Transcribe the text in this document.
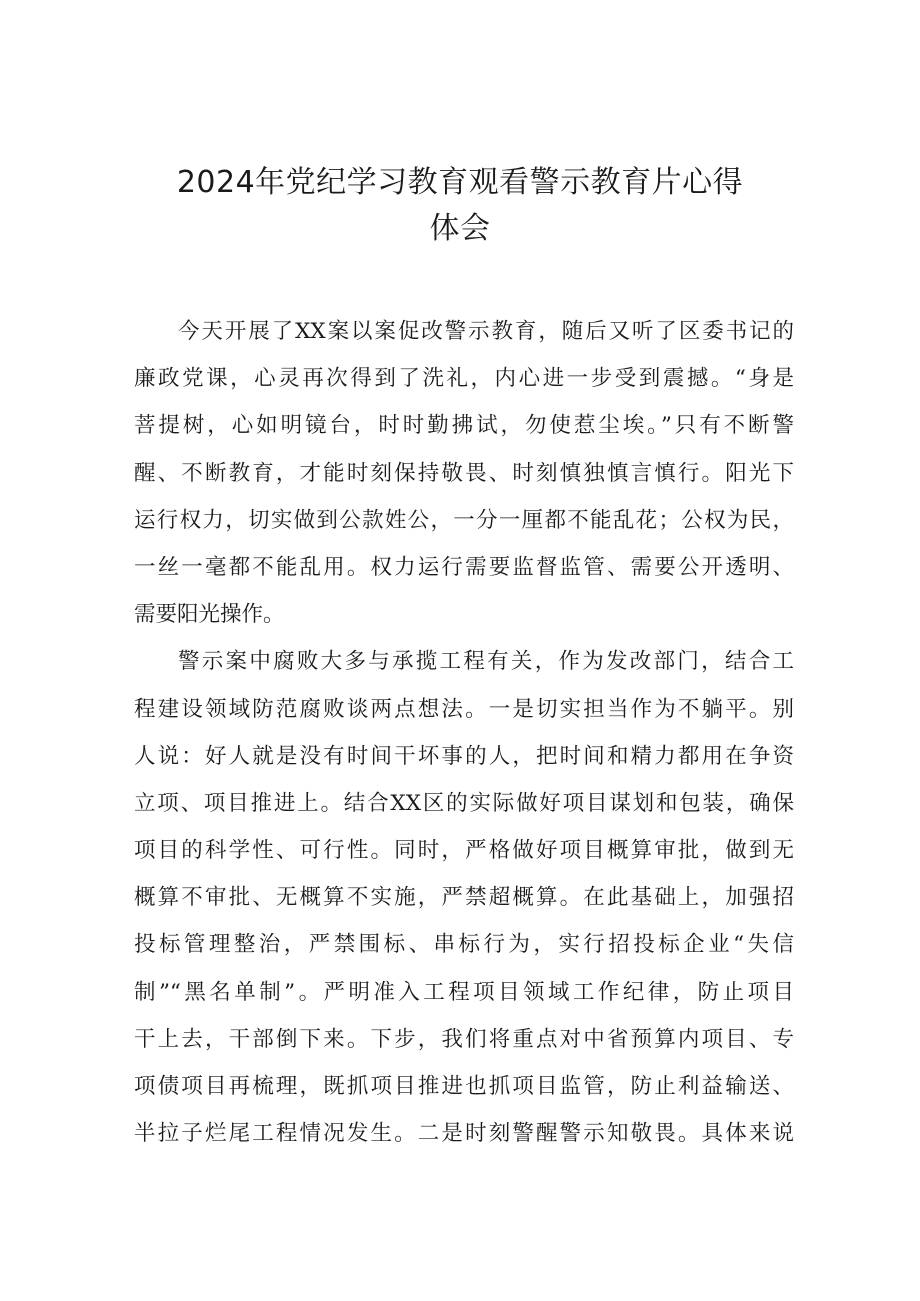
2024年党纪学习教育观看警示教育片心得
体会
今天开展了XX案以案促改警示教育，随后又听了区委书记的
廉政党课，心灵再次得到了洗礼，内心进一步受到震撼。“身是
菩提树，心如明镜台，时时勤拂试，勿使惹尘埃。”只有不断警
醒、不断教育，才能时刻保持敬畏、时刻慎独慎言慎行。阳光下
运行权力，切实做到公款姓公，一分一厘都不能乱花；公权为民，
一丝一毫都不能乱用。权力运行需要监督监管、需要公开透明、
需要阳光操作。
警示案中腐败大多与承揽工程有关，作为发改部门，结合工
程建设领域防范腐败谈两点想法。一是切实担当作为不躺平。别
人说：好人就是没有时间干坏事的人，把时间和精力都用在争资
立项、项目推进上。结合XX区的实际做好项目谋划和包装，确保
项目的科学性、可行性。同时，严格做好项目概算审批，做到无
概算不审批、无概算不实施，严禁超概算。在此基础上，加强招
投标管理整治，严禁围标、串标行为，实行招投标企业“失信
制”“黑名单制”。严明准入工程项目领域工作纪律，防止项目
干上去，干部倒下来。下步，我们将重点对中省预算内项目、专
项债项目再梳理，既抓项目推进也抓项目监管，防止利益输送、
半拉子烂尾工程情况发生。二是时刻警醒警示知敬畏。具体来说
